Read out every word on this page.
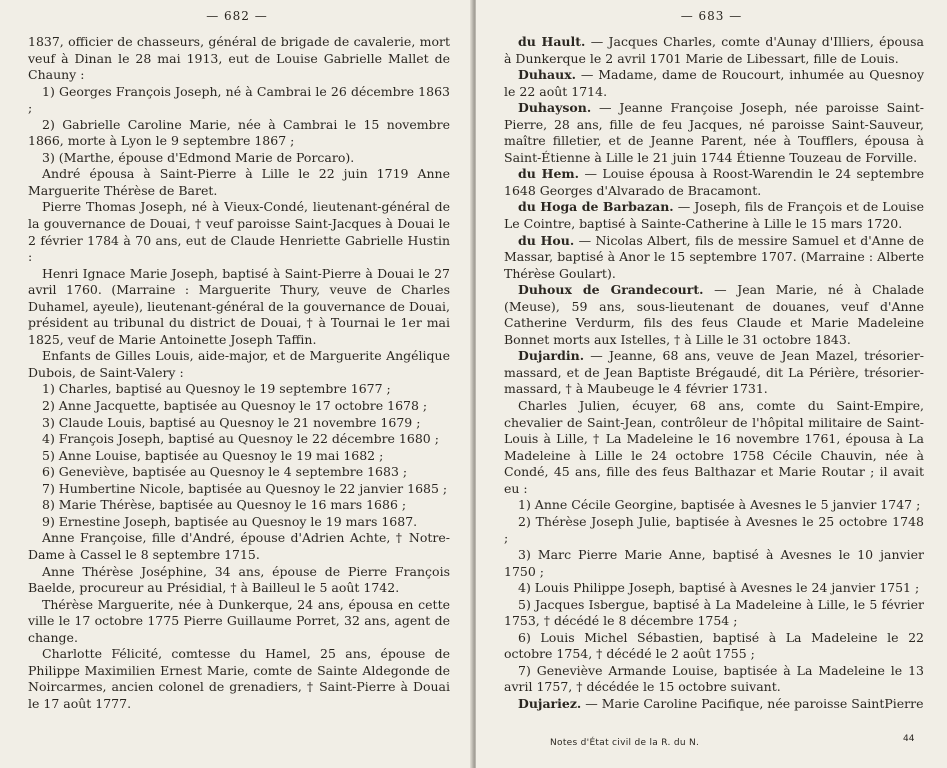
— 682 —

1837, officier de chasseurs, général de brigade de cavalerie, mort veuf à Dinan le 28 mai 1913, eut de Louise Gabrielle Mallet de Chauny :

1) Georges François Joseph, né à Cambrai le 26 décembre 1863 ;

2) Gabrielle Caroline Marie, née à Cambrai le 15 novembre 1866, morte à Lyon le 9 septembre 1867 ;

3) (Marthe, épouse d'Edmond Marie de Porcaro).

André épousa à Saint-Pierre à Lille le 22 juin 1719 Anne Marguerite Thérèse de Baret.

Pierre Thomas Joseph, né à Vieux-Condé, lieutenant-général de la gouvernance de Douai, † veuf paroisse Saint-Jacques à Douai le 2 février 1784 à 70 ans, eut de Claude Henriette Gabrielle Hustin :

Henri Ignace Marie Joseph, baptisé à Saint-Pierre à Douai le 27 avril 1760. (Marraine : Marguerite Thury, veuve de Charles Duhamel, ayeule), lieutenant-général de la gouvernance de Douai, président au tribunal du district de Douai, † à Tournai le 1er mai 1825, veuf de Marie Antoinette Joseph Taffin.

Enfants de Gilles Louis, aide-major, et de Marguerite Angélique Dubois, de Saint-Valery :

1) Charles, baptisé au Quesnoy le 19 septembre 1677 ;

2) Anne Jacquette, baptisée au Quesnoy le 17 octobre 1678 ;

3) Claude Louis, baptisé au Quesnoy le 21 novembre 1679 ;

4) François Joseph, baptisé au Quesnoy le 22 décembre 1680 ;

5) Anne Louise, baptisée au Quesnoy le 19 mai 1682 ;

6) Geneviève, baptisée au Quesnoy le 4 septembre 1683 ;

7) Humbertine Nicole, baptisée au Quesnoy le 22 janvier 1685 ;

8) Marie Thérèse, baptisée au Quesnoy le 16 mars 1686 ;

9) Ernestine Joseph, baptisée au Quesnoy le 19 mars 1687.

Anne Françoise, fille d'André, épouse d'Adrien Achte, † Notre-Dame à Cassel le 8 septembre 1715.

Anne Thérèse Joséphine, 34 ans, épouse de Pierre François Baelde, procureur au Présidial, † à Bailleul le 5 août 1742.

Thérèse Marguerite, née à Dunkerque, 24 ans, épousa en cette ville le 17 octobre 1775 Pierre Guillaume Porret, 32 ans, agent de change.

Charlotte Félicité, comtesse du Hamel, 25 ans, épouse de Philippe Maximilien Ernest Marie, comte de Sainte Aldegonde de Noircarmes, ancien colonel de grenadiers, † Saint-Pierre à Douai le 17 août 1777.

— 683 —

du Hault. — Jacques Charles, comte d'Aunay d'Illiers, épousa à Dunkerque le 2 avril 1701 Marie de Libessart, fille de Louis.

Duhaux. — Madame, dame de Roucourt, inhumée au Quesnoy le 22 août 1714.

Duhayson. — Jeanne Françoise Joseph, née paroisse Saint-Pierre, 28 ans, fille de feu Jacques, né paroisse Saint-Sauveur, maître filletier, et de Jeanne Parent, née à Toufflers, épousa à Saint-Étienne à Lille le 21 juin 1744 Étienne Touzeau de Forville.

du Hem. — Louise épousa à Roost-Warendin le 24 septembre 1648 Georges d'Alvarado de Bracamont.

du Hoga de Barbazan. — Joseph, fils de François et de Louise Le Cointre, baptisé à Sainte-Catherine à Lille le 15 mars 1720.

du Hou. — Nicolas Albert, fils de messire Samuel et d'Anne de Massar, baptisé à Anor le 15 septembre 1707. (Marraine : Alberte Thérèse Goulart).

Duhoux de Grandecourt. — Jean Marie, né à Chalade (Meuse), 59 ans, sous-lieutenant de douanes, veuf d'Anne Catherine Verdurm, fils des feus Claude et Marie Madeleine Bonnet morts aux Istelles, † à Lille le 31 octobre 1843.

Dujardin. — Jeanne, 68 ans, veuve de Jean Mazel, trésorier-massard, et de Jean Baptiste Brégaudé, dit La Périère, trésorier-massard, † à Maubeuge le 4 février 1731.

Charles Julien, écuyer, 68 ans, comte du Saint-Empire, chevalier de Saint-Jean, contrôleur de l'hôpital militaire de Saint-Louis à Lille, † La Madeleine le 16 novembre 1761, épousa à La Madeleine à Lille le 24 octobre 1758 Cécile Chauvin, née à Condé, 45 ans, fille des feus Balthazar et Marie Routar ; il avait eu :

1) Anne Cécile Georgine, baptisée à Avesnes le 5 janvier 1747 ;

2) Thérèse Joseph Julie, baptisée à Avesnes le 25 octobre 1748 ;

3) Marc Pierre Marie Anne, baptisé à Avesnes le 10 janvier 1750 ;

4) Louis Philippe Joseph, baptisé à Avesnes le 24 janvier 1751 ;

5) Jacques Isbergue, baptisé à La Madeleine à Lille, le 5 février 1753, † décédé le 8 décembre 1754 ;

6) Louis Michel Sébastien, baptisé à La Madeleine le 22 octobre 1754, † décédé le 2 août 1755 ;

7) Geneviève Armande Louise, baptisée à La Madeleine le 13 avril 1757, † décédée le 15 octobre suivant.

Dujariez. — Marie Caroline Pacifique, née paroisse SaintPierre

Notes d'État civil de la R. du N.	44
